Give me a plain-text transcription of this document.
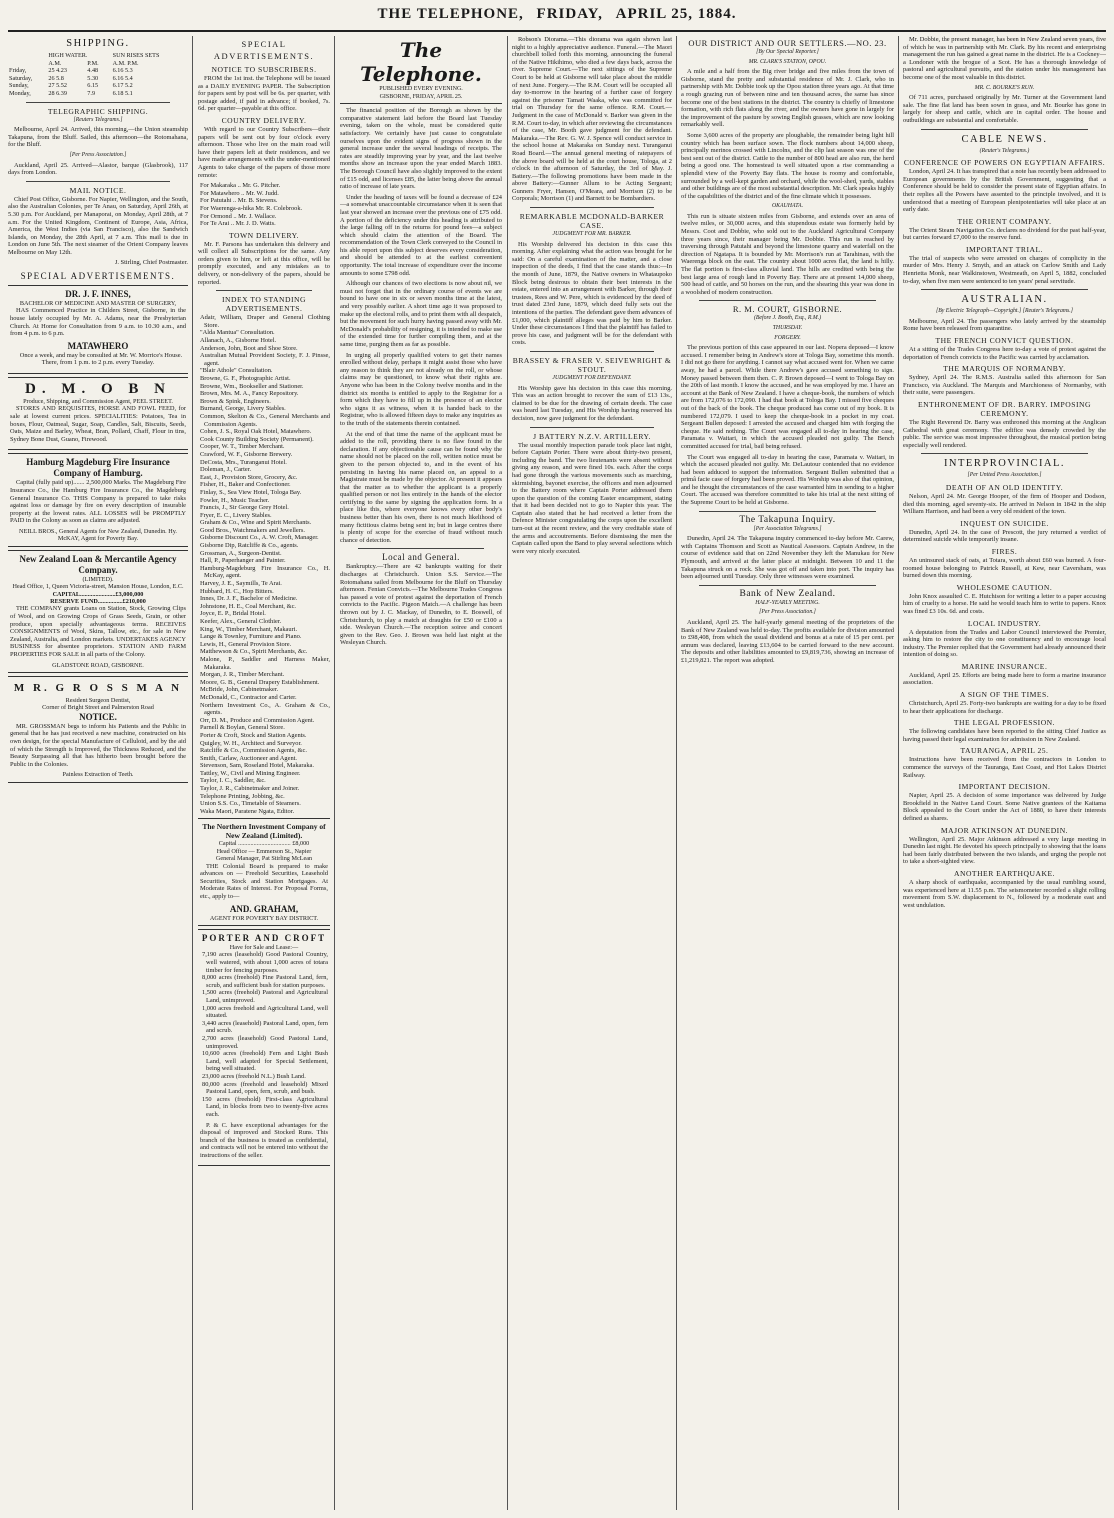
THE TELEPHONE, FRIDAY, APRIL 25, 1884.
SHIPPING.
	HIGH WATER.		SUN RISES SETS
	A.M.	P.M.	A.M. P.M.
Friday,	25 4.23	4.48	6.16 5.3
Saturday,	26 5.8	5.30	6.16 5.4
Sunday,	27 5.52	6.15	6.17 5.2
Monday,	28 6.39	7.9	6.18 5.1
TELEGRAPHIC SHIPPING.
[Reuters Telegrams.]

Melbourne, April 24. Arrived, this morning,—the Union steamship Takapuna, from the Bluff. Sailed, this afternoon—the Rotomahana, for the Bluff.

[Per Press Association.]

Auckland, April 25. Arrived—Alastor, barque (Glasbrook), 117 days from London.

MAIL NOTICE.

Chief Post Office, Gisborne. For Napier, Wellington, and the South, also the Australian Colonies, per Te Anau, on Saturday, April 26th, at 5.30 p.m. For Auckland, per Manaporai, on Monday, April 28th, at 7 a.m. For the United Kingdom, Continent of Europe, Asia, Africa, America, the West Indies (via San Francisco), also the Sandwich Islands, on Monday, the 28th April, at 7 a.m. This mail is due in London on June 5th. The next steamer of the Orient Company leaves Melbourne on May 12th.

J. Stirling, Chief Postmaster.

SPECIAL ADVERTISEMENTS.
DR. J. F. INNES,
BACHELOR OF MEDICINE AND MASTER OF SURGERY,

HAS Commenced Practice in Childers Street, Gisborne, in the house lately occupied by Mr. A. Adams, near the Presbyterian Church. At Home for Consultation from 9 a.m. to 10.30 a.m., and from 4 p.m. to 6 p.m.

MATAWHERO

Once a week, and may be consulted at Mr. W. Morrice's House. There, from 1 p.m. to 2 p.m. every Tuesday.

D. M. O B N
Produce, Shipping, and Commission Agent, PEEL STREET.

STORES AND REQUISITES, HORSE AND FOWL FEED, for sale at lowest current prices. SPECIALITIES: Potatoes, Tea in boxes, Flour, Oatmeal, Sugar, Soap, Candles, Salt, Biscuits, Seeds, Oats, Maize and Barley, Wheat, Bran, Pollard, Chaff, Flour in tins, Sydney Bone Dust, Guano, Firewood.

Hamburg Magdeburg Fire Insurance Company of Hamburg.

Capital (fully paid up)....... 2,500,000 Marks. The Magdeburg Fire Insurance Co., the Hamburg Fire Insurance Co., the Magdeburg General Insurance Co. THIS Company is prepared to take risks against loss or damage by fire on every description of insurable property at the lowest rates. ALL LOSSES will be PROMPTLY PAID in the Colony as soon as claims are adjusted.

NEILL BROS., General Agents for New Zealand, Dunedin. Hy. McKAY, Agent for Poverty Bay.
New Zealand Loan & Mercantile Agency Company.
(LIMITED).
Head Office, 1, Queen Victoria-street, Mansion House, London, E.C.
CAPITAL.......................£3,000,000
RESERVE FUND................£210,000

THE COMPANY grants Loans on Station, Stock, Growing Clips of Wool, and on Growing Crops of Grass Seeds, Grain, or other produce, upon specially advantageous terms. RECEIVES CONSIGNMENTS of Wool, Skins, Tallow, etc., for sale in New Zealand, Australia, and London markets. UNDERTAKES AGENCY BUSINESS for absentee proprietors. STATION AND FARM PROPERTIES FOR SALE in all parts of the Colony.

GLADSTONE ROAD, GISBORNE.
M R. G R O S S M A N
Resident Surgeon Dentist,
Corner of Bright Street and Palmerston Road
NOTICE.

MR. GROSSMAN begs to inform his Patients and the Public in general that he has just received a new machine, constructed on his own design, for the special Manufacture of Celluloid, and by the aid of which the Strength is Improved, the Thickness Reduced, and the Beauty Surpassing all that has hitherto been brought before the Public in the Colonies.

Painless Extraction of Teeth.
SPECIAL ADVERTISEMENTS.
NOTICE TO SUBSCRIBERS.

FROM the 1st inst. the Telephone will be issued as a DAILY EVENING PAPER. The Subscription for papers sent by post will be 6s. per quarter, with postage added, if paid in advance; if booked, 7s. 6d. per quarter—payable at this office.

COUNTRY DELIVERY.

With regard to our Country Subscribers—their papers will be sent out by four o'clock every afternoon. Those who live on the main road will have their papers left at their residences, and we have made arrangements with the under-mentioned Agents to take charge of the papers of those more remote:

For Makaraka .. Mr. G. Pitcher.
For Matawhero .. Mr. W. Judd.
For Patutahi .. Mr. B. Stevens.
For Waerenga-a-hika Mr. R. Colebrook.
For Ormond .. Mr. J. Wallace.
For Te Arai .. Mr. J. D. Watts.
TOWN DELIVERY.

Mr. F. Parsons has undertaken this delivery and will collect all Subscriptions for the same. Any orders given to him, or left at this office, will be promptly executed, and any mistakes as to delivery, or non-delivery of the papers, should be reported.

INDEX TO STANDING ADVERTISEMENTS.
Adair, William, Draper and General Clothing Store.
"Alda Mantua" Consultation.
Allanach, A., Gisborne Hotel.
Anderson, John, Boot and Shoe Store.
Australian Mutual Provident Society, F. J. Pinsse, agent.
"Blair Athole" Consultation.
Browne, G. F., Photographic Artist.
Browne, Wm., Bookseller and Stationer.
Brown, Mrs. M. A., Fancy Repository.
Brown & Spink, Engineers.
Burnand, George, Livery Stables.
Common, Skelton & Co., General Merchants and Commission Agents.
Cohen, J. S., Royal Oak Hotel, Matawhero.
Cook County Building Society (Permanent).
Cooper, W. T., Timber Merchant.
Crawford, W. F., Gisborne Brewery.
DeCosta, Mrs., Turanganui Hotel.
Doleman, J., Carter.
East, J., Provision Store, Grocery, &c.
Fisher, H., Baker and Confectioner.
Finlay, S., Sea View Hotel, Tologa Bay.
Fowler, H., Music Teacher.
Francis, J., Sir George Grey Hotel.
Fryer, E. C., Livery Stables.
Graham & Co., Wine and Spirit Merchants.
Good Bros., Watchmakers and Jewellers.
Gisborne Discount Co., A. W. Croft, Manager.
Gisborne Dip, Ratcliffe & Co., agents.
Grossman, A., Surgeon-Dentist.
Hall, P., Paperhanger and Painter.
Hamburg-Magdeburg Fire Insurance Co., H. McKay, agent.
Harvey, J. E., Saymills, Te Arai.
Hubbard, H. C., Hop Bitters.
Innes, Dr. J. F., Bachelor of Medicine.
Johnstone, H. E., Coal Merchant, &c.
Joyce, E. P., Bridal Hotel.
Keefer, Alex., General Clothier.
King, W., Timber Merchant, Makauri.
Lange & Townley, Furniture and Piano.
Lewis, H., General Provision Store.
Matthewson & Co., Spirit Merchants, &c.
Malone, P., Saddler and Harness Maker, Makaraka.
Morgan, J. R., Timber Merchant.
Moore, G. B., General Drapery Establishment.
McBride, John, Cabinetmaker.
McDonald, C., Contractor and Carter.
Northern Investment Co., A. Graham & Co., agents.
Orr, D. M., Produce and Commission Agent.
Parnell & Boylan, General Store.
Porter & Croft, Stock and Station Agents.
Quigley, W. H., Architect and Surveyor.
Ratcliffe & Co., Commission Agents, &c.
Smith, Carlaw, Auctioneer and Agent.
Stevenson, Sam, Roseland Hotel, Makaraka.
Tattley, W., Civil and Mining Engineer.
Taylor, I. C., Saddler, &c.
Taylor, J. R., Cabinetmaker and Joiner.
Telephone Printing, Jobbing, &c.
Union S.S. Co., Timetable of Steamers.
Waka Maori, Paratene Ngata, Editor.
The Northern Investment Company of New Zealand (Limited).
Capital .................................. £8,000
Head Office — Emmerson St., Napier
General Manager, Pat Stirling McLean

THE Colonial Board is prepared to make advances on — Freehold Securities, Leasehold Securities, Stock and Station Mortgages. At Moderate Rates of Interest. For Proposal Forms, etc., apply to—

AND. GRAHAM,
AGENT FOR POVERTY BAY DISTRICT.
PORTER AND CROFT
Have for Sale and Lease:—
7,190 acres (leasehold) Good Pastoral Country, well watered, with about 1,000 acres of totara timber for fencing purposes.
8,000 acres (freehold) Fine Pastoral Land, fern, scrub, and sufficient bush for station purposes.
1,500 acres (freehold) Pastoral and Agricultural Land, unimproved.
1,000 acres freehold and Agricultural Land, well situated.
3,440 acres (leasehold) Pastoral Land, open, fern and scrub.
2,700 acres (leasehold) Good Pastoral Land, unimproved.
10,600 acres (freehold) Fern and Light Bush Land, well adapted for Special Settlement, being well situated.
23,000 acres (freehold N.L.) Bush Land.
80,000 acres (freehold and leasehold) Mixed Pastoral Land, open, fern, scrub, and bush.
150 acres (freehold) First-class Agricultural Land, in blocks from two to twenty-five acres each.

P. & C. have exceptional advantages for the disposal of improved and Stocked Runs. This branch of the business is treated as confidential, and contracts will not be entered into without the instructions of the seller.

The Telephone.
PUBLISHED EVERY EVENING.
GISBORNE, FRIDAY, APRIL 25.

The financial position of the Borough as shown by the comparative statement laid before the Board last Tuesday evening, taken on the whole, must be considered quite satisfactory. We certainly have just cause to congratulate ourselves upon the evident signs of progress shown in the general increase under the several headings of receipts. The rates are steadily improving year by year, and the last twelve months show an increase upon the year ended March 1883. The Borough Council have also slightly improved to the extent of £15 odd, and licenses £85, the latter being above the annual ratio of increase of late years.

Under the heading of taxes will be found a decrease of £24—a somewhat unaccountable circumstance when it is seen that last year showed an increase over the previous one of £75 odd. A portion of the deficiency under this heading is attributed to the large falling off in the returns for pound fees—a subject which should claim the attention of the Board. The recommendation of the Town Clerk conveyed to the Council in his able report upon this subject deserves every consideration, and should be attended to at the earliest convenient opportunity. The total increase of expenditure over the income amounts to some £798 odd.

Although our chances of two elections is now about nil, we must not forget that in the ordinary course of events we are bound to have one in six or seven months time at the latest, and very possibly earlier. A short time ago it was proposed to make up the electoral rolls, and to print them with all despatch, but the movement for such hurry having passed away with Mr. McDonald's probability of resigning, it is intended to make use of the extended time for further compiling them, and at the same time, purging them as far as possible.

In urging all properly qualified voters to get their names enrolled without delay, perhaps it might assist those who have any reason to think they are not already on the roll, or whose claims may be questioned, to know what their rights are. Anyone who has been in the Colony twelve months and in the district six months is entitled to apply to the Registrar for a form which they have to fill up in the presence of an elector who signs it as witness, when it is handed back to the Registrar, who is allowed fifteen days to make any inquiries as to the truth of the statements therein contained.

At the end of that time the name of the applicant must be added to the roll, providing there is no flaw found in the declaration. If any objectionable cause can be found why the name should not be placed on the roll, written notice must be given to the person objected to, and in the event of his persisting in having his name placed on, an appeal to a Magistrate must be made by the objector. At present it appears that the matter as to whether the applicant is a properly qualified person or not lies entirely in the hands of the elector certifying to the same by signing the application form. In a place like this, where everyone knows every other body's business better than his own, there is not much likelihood of many fictitious claims being sent in; but in large centres there is plenty of scope for the exercise of fraud without much chance of detection.

Local and General.

Bankruptcy.—There are 42 bankrupts waiting for their discharges at Christchurch. Union S.S. Service.—The Rotomahana sailed from Melbourne for the Bluff on Thursday afternoon. Fenian Convicts.—The Melbourne Trades Congress has passed a vote of protest against the deportation of French convicts to the Pacific. Pigeon Match.—A challenge has been thrown out by J. C. Mackay, of Dunedin, to E. Boswell, of Christchurch, to play a match at draughts for £50 or £100 a side. Wesleyan Church.—The reception soiree and concert given to the Rev. Geo. J. Brown was held last night at the Wesleyan Church.

Robson's Diorama.—This diorama was again shown last night to a highly appreciative audience. Funeral.—The Maori churchbell tolled forth this morning, announcing the funeral of the Native Hikihimo, who died a few days back, across the river. Supreme Court.—The next sittings of the Supreme Court to be held at Gisborne will take place about the middle of next June. Forgery.—The R.M. Court will be occupied all day to-morrow in the hearing of a further case of forgery against the prisoner Tamati Waaka, who was committed for trial on Thursday for the same offence. R.M. Court.—Judgment in the case of McDonald v. Barker was given in the R.M. Court to-day, in which after reviewing the circumstances of the case, Mr. Booth gave judgment for the defendant. Makaraka.—The Rev. G. W. J. Spence will conduct service in the school house at Makaraka on Sunday next. Turanganui Road Board.—The annual general meeting of ratepayers of the above board will be held at the court house, Tologa, at 2 o'clock in the afternoon of Saturday, the 3rd of May. J. Battery.—The following promotions have been made in the above Battery:—Gunner Allum to be Acting Sergeant; Gunners Fryer, Hansen, O'Meara, and Morrison (2) to be Corporals; Morrison (1) and Barnett to be Bombardiers.

REMARKABLE MCDONALD-BARKER CASE.
JUDGMENT FOR MR. BARKER.

His Worship delivered his decision in this case this morning. After explaining what the action was brought for he said: On a careful examination of the matter, and a close inspection of the deeds, I find that the case stands thus:—In the month of June, 1879, the Native owners in Whataupoko Block being desirous to obtain their beet interests in the estate, entered into an arrangement with Barker, through their trustees, Rees and W. Pere, which is evidenced by the deed of trust dated 23rd June, 1879, which deed fully sets out the intentions of the parties. The defendant gave them advances of £1,000, which plaintiff alleges was paid by him to Barker. Under these circumstances I find that the plaintiff has failed to prove his case, and judgment will be for the defendant with costs.

BRASSEY & FRASER V. SEIVEWRIGHT & STOUT.
JUDGMENT FOR DEFENDANT.

His Worship gave his decision in this case this morning. This was an action brought to recover the sum of £13 13s., claimed to be due for the drawing of certain deeds. The case was heard last Tuesday, and His Worship having reserved his decision, now gave judgment for the defendant.

J BATTERY N.Z.V. ARTILLERY.

The usual monthly inspection parade took place last night, before Captain Porter. There were about thirty-two present, including the band. The two lieutenants were absent without giving any reason, and were fined 10s. each. After the corps had gone through the various movements such as marching, skirmishing, bayonet exercise, the officers and men adjourned to the Battery room where Captain Porter addressed them upon the question of the coming Easter encampment, stating that it had been decided not to go to Napier this year. The Captain also stated that he had received a letter from the Defence Minister congratulating the corps upon the excellent turn-out at the recent review, and the very creditable state of the arms and accoutrements. Before dismissing the men the Captain called upon the Band to play several selections which were very nicely executed.

OUR DISTRICT AND OUR SETTLERS.—NO. 23.
[By Our Special Reporter.]
MR. CLARK'S STATION, OPOU.

A mile and a half from the Big river bridge and five miles from the town of Gisborne, stand the pretty and substantial residence of Mr. J. Clark, who in partnership with Mr. Dobbie took up the Opou station three years ago. At that time a rough grazing run of between nine and ten thousand acres, the same has since become one of the best stations in the district. The country is chiefly of limestone formation, with rich flats along the river, and the owners have gone in largely for the improvement of the pasture by sowing English grasses, which are now looking remarkably well.

Some 3,600 acres of the property are ploughable, the remainder being light hill country which has been surface sown. The flock numbers about 14,000 sheep, principally merinos crossed with Lincolns, and the clip last season was one of the best sent out of the district. Cattle to the number of 800 head are also run, the herd being a good one. The homestead is well situated upon a rise commanding a splendid view of the Poverty Bay flats. The house is roomy and comfortable, surrounded by a well-kept garden and orchard, while the wool-shed, yards, stables and other buildings are of the most substantial description. Mr. Clark speaks highly of the capabilities of the district and of the fine climate which it possesses.

OKAUHATA.

This run is situate sixteen miles from Gisborne, and extends over an area of twelve miles, or 30,000 acres, and this stupendous estate was formerly held by Messrs. Coot and Dobbie, who sold out to the Auckland Agricultural Company three years since, their manager being Mr. Dobbie. This run is reached by traversing through Patutahi and beyond the limestone quarry and waterfall on the direction of Ngatapa. It is bounded by Mr. Morrison's run at Tarahinau, with the Waerenga block on the east. The country about 1000 acres flat, the land is hilly. The flat portion is first-class alluvial land. The hills are credited with being the best large area of rough land in Poverty Bay. There are at present 14,000 sheep, 500 head of cattle, and 50 horses on the run, and the shearing this year was done in a woolshed of modern construction.

R. M. COURT, GISBORNE.
(Before J. Booth, Esq., R.M.)
THURSDAY.
FORGERY.

The previous portion of this case appeared in our last. Nopera deposed—I know accused. I remember being in Andrew's store at Tologa Bay, sometime this month. I did not go there for anything. I cannot say what accused went for. When we came away, he had a parcel. While there Andrew's gave accused something to sign. Money passed between them then. C. P. Brown deposed—I went to Tologa Bay on the 20th of last month. I know the accused, and he was employed by me. I have an account at the Bank of New Zealand. I have a cheque-book, the numbers of which are from 172,076 to 172,090. I had that book at Tologa Bay. I missed five cheques out of the back of the book. The cheque produced has come out of my book. It is numbered 172,079. I used to keep the cheque-book in a pocket in my coat. Sergeant Bullen deposed: I arrested the accused and charged him with forging the cheque. He said nothing. The Court was engaged all to-day in hearing the case, Paramata v. Waitari, in which the accused pleaded not guilty. The Bench committed accused for trial, bail being refused.

The Court was engaged all to-day in hearing the case, Paramata v. Waitari, in which the accused pleaded not guilty. Mr. DeLautour contended that no evidence had been adduced to support the information. Sergeant Bullen submitted that a primâ facie case of forgery had been proved. His Worship was also of that opinion, and he thought the circumstances of the case warranted him in sending to a higher Court. The accused was therefore committed to take his trial at the next sitting of the Supreme Court to be held at Gisborne.

The Takapuna Inquiry.
[Per Association Telegrams.]

Dunedin, April 24. The Takapuna inquiry commenced to-day before Mr. Carew, with Captains Thomson and Scott as Nautical Assessors. Captain Andrew, in the course of evidence said that on 22nd November they left the Manukau for New Plymouth, and arrived at the latter place at midnight. Between 10 and 11 the Takapuna struck on a rock. She was got off and taken into port. The inquiry has been adjourned until Tuesday. Only three witnesses were examined.

Bank of New Zealand.
HALF-YEARLY MEETING.
[Per Press Association.]

Auckland, April 25. The half-yearly general meeting of the proprietors of the Bank of New Zealand was held to-day. The profits available for division amounted to £98,408, from which the usual dividend and bonus at a rate of 15 per cent. per annum was declared, leaving £13,604 to be carried forward to the new account. The deposits and other liabilities amounted to £9,819,736, showing an increase of £1,219,821. The report was adopted.

Mr. Dobbie, the present manager, has been in New Zealand seven years, five of which he was in partnership with Mr. Clark. By his recent and enterprising management the run has gained a great name in the district. He is a Cockney—a Londoner with the brogue of a Scot. He has a thorough knowledge of pastoral and agricultural pursuits, and the station under his management has become one of the most valuable in this district.

MR. C. BOURKE'S RUN.

Of 711 acres, purchased originally by Mr. Turner at the Government land sale. The fine flat land has been sown in grass, and Mr. Bourke has gone in largely for sheep and cattle, which are in capital order. The house and outbuildings are substantial and comfortable.

CABLE NEWS.
(Reuter's Telegrams.)
CONFERENCE OF POWERS ON EGYPTIAN AFFAIRS.

London, April 24. It has transpired that a note has recently been addressed to European governments by the British Government, suggesting that a Conference should be held to consider the present state of Egyptian affairs. In their replies all the Powers have assented to the principle involved, and it is understood that a meeting of European plenipotentiaries will take place at an early date.

THE ORIENT COMPANY.

The Orient Steam Navigation Co. declares no dividend for the past half-year, but carries forward £7,000 to the reserve fund.

IMPORTANT TRIAL.

The trial of suspects who were arrested on charges of complicity in the murder of Mrs. Henry J. Smyth, and an attack on Carlow Smith and Lady Henrietta Monk, near Walkinstown, Westmeath, on April 5, 1882, concluded to-day, when five men were sentenced to ten years' penal servitude.

AUSTRALIAN.
[By Electric Telegraph—Copyright.] [Reuter's Telegrams.]

Melbourne, April 24. The passengers who lately arrived by the steamship Rome have been released from quarantine.

THE FRENCH CONVICT QUESTION.

At a sitting of the Trades Congress here to-day a vote of protest against the deportation of French convicts to the Pacific was carried by acclamation.

THE MARQUIS OF NORMANBY.

Sydney, April 24. The R.M.S. Australia sailed this afternoon for San Francisco, via Auckland. The Marquis and Marchioness of Normanby, with their suite, were passengers.

ENTHRONEMENT OF DR. BARRY. IMPOSING CEREMONY.

The Right Reverend Dr. Barry was enthroned this morning at the Anglican Cathedral with great ceremony. The edifice was densely crowded by the public. The service was most impressive throughout, the musical portion being especially well rendered.

INTERPROVINCIAL.
[Per United Press Association.]
DEATH OF AN OLD IDENTITY.

Nelson, April 24. Mr. George Hooper, of the firm of Hooper and Dodson, died this morning, aged seventy-six. He arrived in Nelson in 1842 in the ship William Harrison, and had been a very old resident of the town.

INQUEST ON SUICIDE.

Dunedin, April 24. In the case of Prescott, the jury returned a verdict of determined suicide while temporarily insane.

FIRES.

An uninsured stack of oats, at Totara, worth about £60 was burned. A four-roomed house belonging to Patrick Russell, at Kew, near Caversham, was burned down this morning.

WHOLESOME CAUTION.

John Knox assaulted C. E. Hutchison for writing a letter to a paper accusing him of cruelty to a horse. He said he would teach him to write to papers. Knox was fined £3 10s. 6d. and costs.

LOCAL INDUSTRY.

A deputation from the Trades and Labor Council interviewed the Premier, asking him to restore the city to one constituency and to encourage local industry. The Premier replied that the Government had already announced their intention of doing so.

MARINE INSURANCE.

Auckland, April 25. Efforts are being made here to form a marine insurance association.

A SIGN OF THE TIMES.

Christchurch, April 25. Forty-two bankrupts are waiting for a day to be fixed to hear their applications for discharge.

THE LEGAL PROFESSION.

The following candidates have been reported to the sitting Chief Justice as having passed their legal examination for admission in New Zealand.

TAURANGA, APRIL 25.

Instructions have been received from the contractors in London to commence the surveys of the Tauranga, East Coast, and Hot Lakes District Railway.

IMPORTANT DECISION.

Napier, April 25. A decision of some importance was delivered by Judge Brookfield in the Native Land Court. Some Native grantees of the Kaitama Block appealed to the Court under the Act of 1880, to have their interests defined as shares.

MAJOR ATKINSON AT DUNEDIN.

Wellington, April 25. Major Atkinson addressed a very large meeting in Dunedin last night. He devoted his speech principally to showing that the loans had been fairly distributed between the two islands, and urging the people not to take a short-sighted view.

ANOTHER EARTHQUAKE.

A sharp shock of earthquake, accompanied by the usual rumbling sound, was experienced here at 11.55 p.m. The seismometer recorded a slight rolling movement from S.W. displacement to N., followed by a moderate east and west undulation.
